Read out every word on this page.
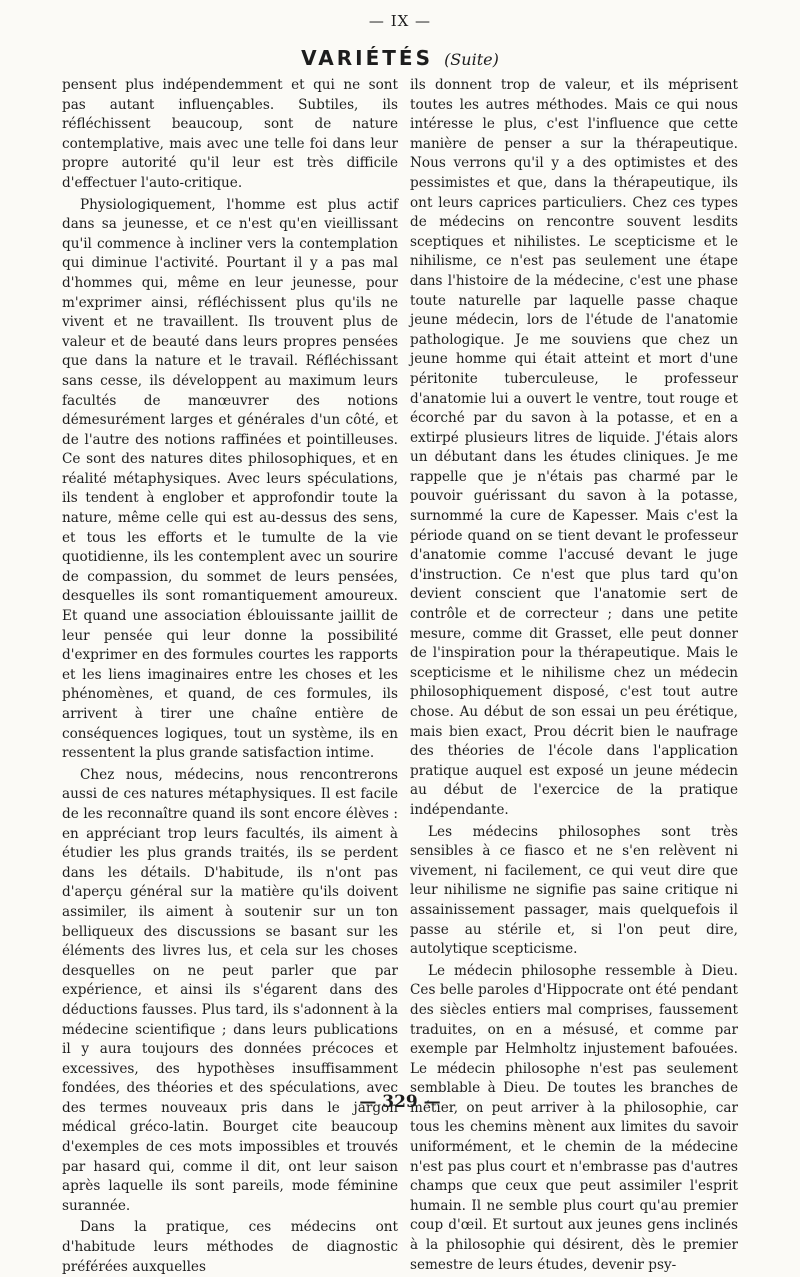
— IX —
VARIÉTÉS (Suite)

pensent plus indépendemment et qui ne sont pas autant influençables. Subtiles, ils réfléchissent beaucoup, sont de nature contemplative, mais avec une telle foi dans leur propre autorité qu'il leur est très difficile d'effectuer l'auto-critique.

Physiologiquement, l'homme est plus actif dans sa jeunesse, et ce n'est qu'en vieillissant qu'il commence à incliner vers la contemplation qui diminue l'activité. Pourtant il y a pas mal d'hommes qui, même en leur jeunesse, pour m'exprimer ainsi, réfléchissent plus qu'ils ne vivent et ne travaillent. Ils trouvent plus de valeur et de beauté dans leurs propres pensées que dans la nature et le travail. Réfléchissant sans cesse, ils développent au maximum leurs facultés de manœuvrer des notions démesurément larges et générales d'un côté, et de l'autre des notions raffinées et pointilleuses. Ce sont des natures dites philosophiques, et en réalité métaphysiques. Avec leurs spéculations, ils tendent à englober et approfondir toute la nature, même celle qui est au-dessus des sens, et tous les efforts et le tumulte de la vie quotidienne, ils les contemplent avec un sourire de compassion, du sommet de leurs pensées, desquelles ils sont romantiquement amoureux. Et quand une association éblouissante jaillit de leur pensée qui leur donne la possibilité d'exprimer en des formules courtes les rapports et les liens imaginaires entre les choses et les phénomènes, et quand, de ces formules, ils arrivent à tirer une chaîne entière de conséquences logiques, tout un système, ils en ressentent la plus grande satisfaction intime.

Chez nous, médecins, nous rencontrerons aussi de ces natures métaphysiques. Il est facile de les reconnaître quand ils sont encore élèves : en appréciant trop leurs facultés, ils aiment à étudier les plus grands traités, ils se perdent dans les détails. D'habitude, ils n'ont pas d'aperçu général sur la matière qu'ils doivent assimiler, ils aiment à soutenir sur un ton belliqueux des discussions se basant sur les éléments des livres lus, et cela sur les choses desquelles on ne peut parler que par expérience, et ainsi ils s'égarent dans des déductions fausses. Plus tard, ils s'adonnent à la médecine scientifique ; dans leurs publications il y aura toujours des données précoces et excessives, des hypothèses insuffisamment fondées, des théories et des spéculations, avec des termes nouveaux pris dans le jargon médical gréco-latin. Bourget cite beaucoup d'exemples de ces mots impossibles et trouvés par hasard qui, comme il dit, ont leur saison après laquelle ils sont pareils, mode féminine surannée.

Dans la pratique, ces médecins ont d'habitude leurs méthodes de diagnostic préférées auxquelles

ils donnent trop de valeur, et ils méprisent toutes les autres méthodes. Mais ce qui nous intéresse le plus, c'est l'influence que cette manière de penser a sur la thérapeutique. Nous verrons qu'il y a des optimistes et des pessimistes et que, dans la thérapeutique, ils ont leurs caprices particuliers. Chez ces types de médecins on rencontre souvent lesdits sceptiques et nihilistes. Le scepticisme et le nihilisme, ce n'est pas seulement une étape dans l'histoire de la médecine, c'est une phase toute naturelle par laquelle passe chaque jeune médecin, lors de l'étude de l'anatomie pathologique. Je me souviens que chez un jeune homme qui était atteint et mort d'une péritonite tuberculeuse, le professeur d'anatomie lui a ouvert le ventre, tout rouge et écorché par du savon à la potasse, et en a extirpé plusieurs litres de liquide. J'étais alors un débutant dans les études cliniques. Je me rappelle que je n'étais pas charmé par le pouvoir guérissant du savon à la potasse, surnommé la cure de Kapesser. Mais c'est la période quand on se tient devant le professeur d'anatomie comme l'accusé devant le juge d'instruction. Ce n'est que plus tard qu'on devient conscient que l'anatomie sert de contrôle et de correcteur ; dans une petite mesure, comme dit Grasset, elle peut donner de l'inspiration pour la thérapeutique. Mais le scepticisme et le nihilisme chez un médecin philosophiquement disposé, c'est tout autre chose. Au début de son essai un peu érétique, mais bien exact, Prou décrit bien le naufrage des théories de l'école dans l'application pratique auquel est exposé un jeune médecin au début de l'exercice de la pratique indépendante.

Les médecins philosophes sont très sensibles à ce fiasco et ne s'en relèvent ni vivement, ni facilement, ce qui veut dire que leur nihilisme ne signifie pas saine critique ni assainissement passager, mais quelquefois il passe au stérile et, si l'on peut dire, autolytique scepticisme.

Le médecin philosophe ressemble à Dieu. Ces belle paroles d'Hippocrate ont été pendant des siècles entiers mal comprises, faussement traduites, on en a mésusé, et comme par exemple par Helmholtz injustement bafouées. Le médecin philosophe n'est pas seulement semblable à Dieu. De toutes les branches de métier, on peut arriver à la philosophie, car tous les chemins mènent aux limites du savoir uniformément, et le chemin de la médecine n'est pas plus court et n'embrasse pas d'autres champs que ceux que peut assimiler l'esprit humain. Il ne semble plus court qu'au premier coup d'œil. Et surtout aux jeunes gens inclinés à la philosophie qui désirent, dès le premier semestre de leurs études, devenir psy-

— 329 —
